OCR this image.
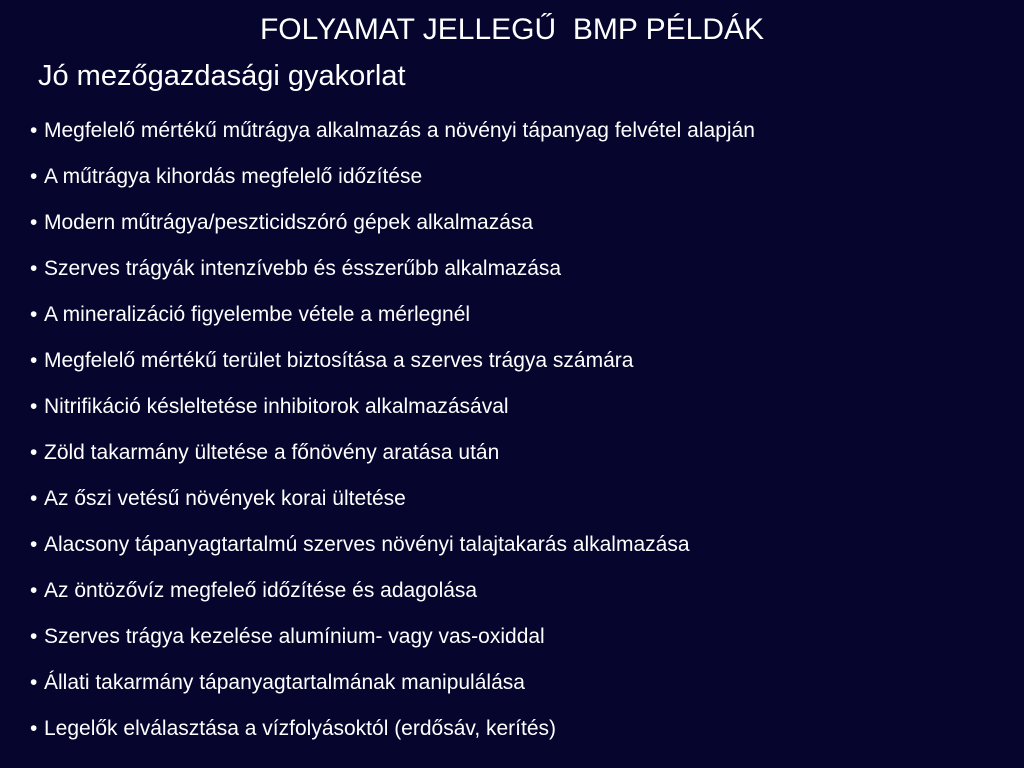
FOLYAMAT JELLEGŰ  BMP PÉLDÁK
Jó mezőgazdasági gyakorlat
• Megfelelő mértékű műtrágya alkalmazás a növényi tápanyag felvétel alapján
• A műtrágya kihordás megfelelő időzítése
• Modern műtrágya/peszticidszóró gépek alkalmazása
• Szerves trágyák intenzívebb és ésszerűbb alkalmazása
• A mineralizáció figyelembe vétele a mérlegnél
• Megfelelő mértékű terület biztosítása a szerves trágya számára
• Nitrifikáció késleltetése inhibitorok alkalmazásával
• Zöld takarmány ültetése a főnövény aratása után
• Az őszi vetésű növények korai ültetése
• Alacsony tápanyagtartalmú szerves növényi talajtakarás alkalmazása
• Az öntözővíz megfeleő időzítése és adagolása
• Szerves trágya kezelése alumínium- vagy vas-oxiddal
• Állati takarmány tápanyagtartalmának manipulálása
• Legelők elválasztása a vízfolyásoktól (erdősáv, kerítés)
